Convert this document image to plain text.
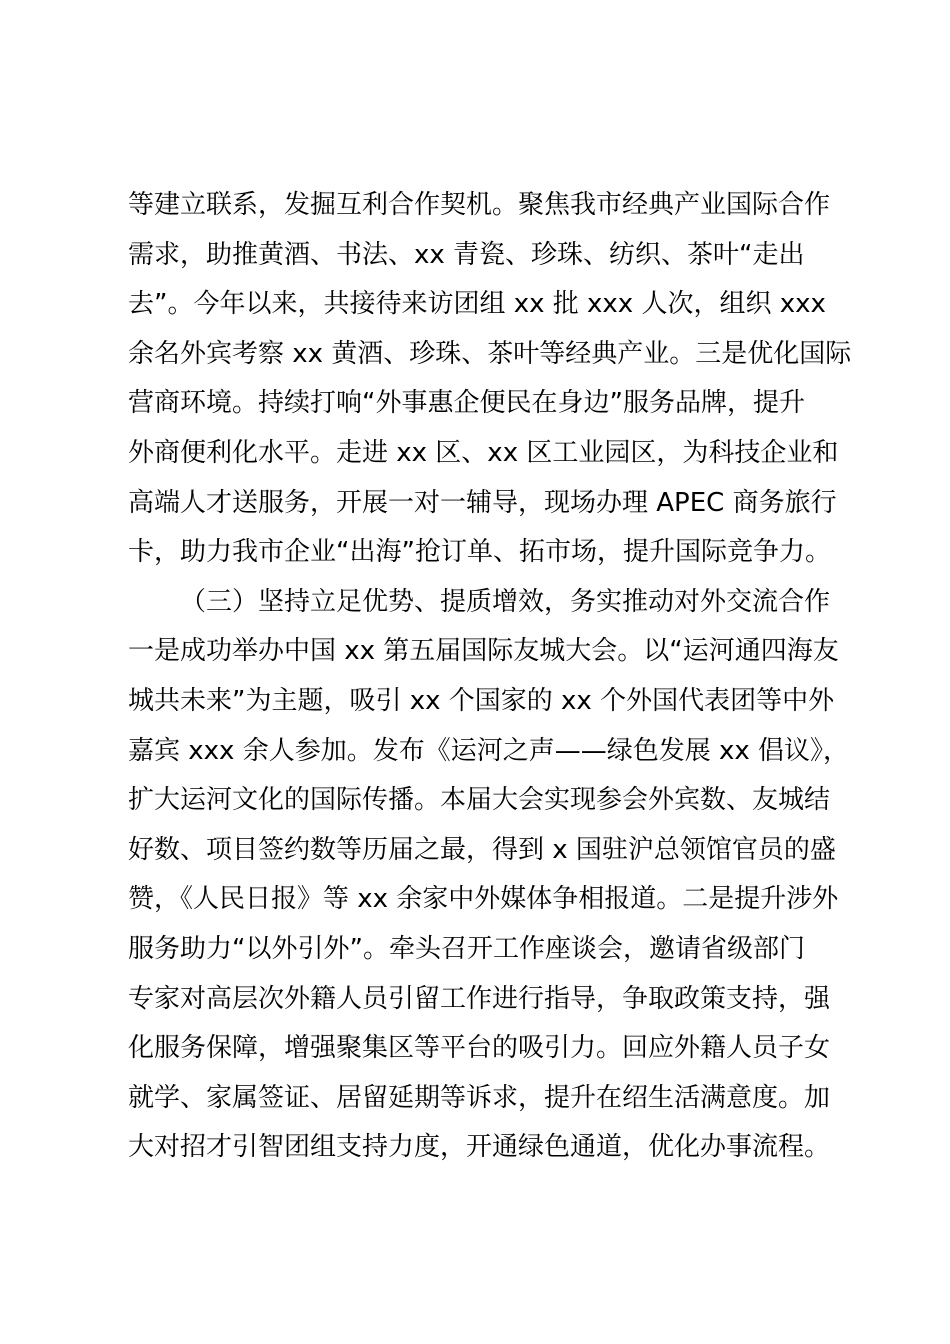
等建立联系，发掘互利合作契机。聚焦我市经典产业国际合作
需求，助推黄酒、书法、xx 青瓷、珍珠、纺织、茶叶“走出
去”。今年以来，共接待来访团组 xx 批 xxx 人次，组织 xxx
余名外宾考察 xx 黄酒、珍珠、茶叶等经典产业。三是优化国际
营商环境。持续打响“外事惠企便民在身边”服务品牌，提升
外商便利化水平。走进 xx 区、xx 区工业园区，为科技企业和
高端人才送服务，开展一对一辅导，现场办理 APEC 商务旅行
卡，助力我市企业“出海”抢订单、拓市场，提升国际竞争力。
（三）坚持立足优势、提质增效，务实推动对外交流合作
一是成功举办中国 xx 第五届国际友城大会。以“运河通四海友
城共未来”为主题，吸引 xx 个国家的 xx 个外国代表团等中外
嘉宾 xxx 余人参加。发布《运河之声——绿色发展 xx 倡议》，
扩大运河文化的国际传播。本届大会实现参会外宾数、友城结
好数、项目签约数等历届之最，得到 x 国驻沪总领馆官员的盛
赞，《人民日报》等 xx 余家中外媒体争相报道。二是提升涉外
服务助力“以外引外”。牵头召开工作座谈会，邀请省级部门
专家对高层次外籍人员引留工作进行指导，争取政策支持，强
化服务保障，增强聚集区等平台的吸引力。回应外籍人员子女
就学、家属签证、居留延期等诉求，提升在绍生活满意度。加
大对招才引智团组支持力度，开通绿色通道，优化办事流程。
